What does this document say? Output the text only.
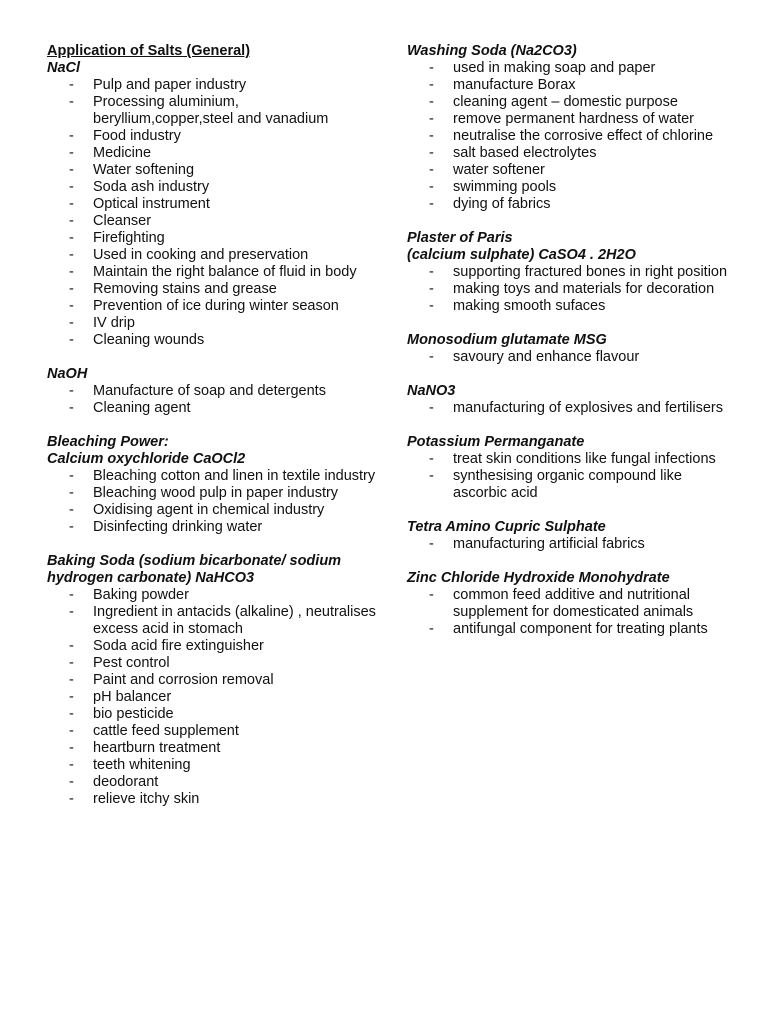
Application of Salts (General)
NaCl
- Pulp and paper industry
- Processing aluminium, beryllium,copper,steel and vanadium
- Food industry
- Medicine
- Water softening
- Soda ash industry
- Optical instrument
- Cleanser
- Firefighting
- Used in cooking and preservation
- Maintain the right balance of fluid in body
- Removing stains and grease
- Prevention of ice during winter season
- IV drip
- Cleaning wounds
NaOH
- Manufacture of soap and detergents
- Cleaning agent
Bleaching Power:
Calcium oxychloride CaOCl2
- Bleaching cotton and linen in textile industry
- Bleaching wood pulp in paper industry
- Oxidising agent in chemical industry
- Disinfecting drinking water
Baking Soda (sodium bicarbonate/ sodium
hydrogen carbonate) NaHCO3
- Baking powder
- Ingredient in antacids (alkaline) , neutralises excess acid in stomach
- Soda acid fire extinguisher
- Pest control
- Paint and corrosion removal
- pH balancer
- bio pesticide
- cattle feed supplement
- heartburn treatment
- teeth whitening
- deodorant
- relieve itchy skin
Washing Soda (Na2CO3)
- used in making soap and paper
- manufacture Borax
- cleaning agent – domestic purpose
- remove permanent hardness of water
- neutralise the corrosive effect of chlorine
- salt based electrolytes
- water softener
- swimming pools
- dying of fabrics
Plaster of Paris
(calcium sulphate) CaSO4 . 2H2O
- supporting fractured bones in right position
- making toys and materials for decoration
- making smooth sufaces
Monosodium glutamate MSG
- savoury and enhance flavour
NaNO3
- manufacturing of explosives and fertilisers
Potassium Permanganate
- treat skin conditions like fungal infections
- synthesising organic compound like ascorbic acid
Tetra Amino Cupric Sulphate
- manufacturing artificial fabrics
Zinc Chloride Hydroxide Monohydrate
- common feed additive and nutritional supplement for domesticated animals
- antifungal component for treating plants
